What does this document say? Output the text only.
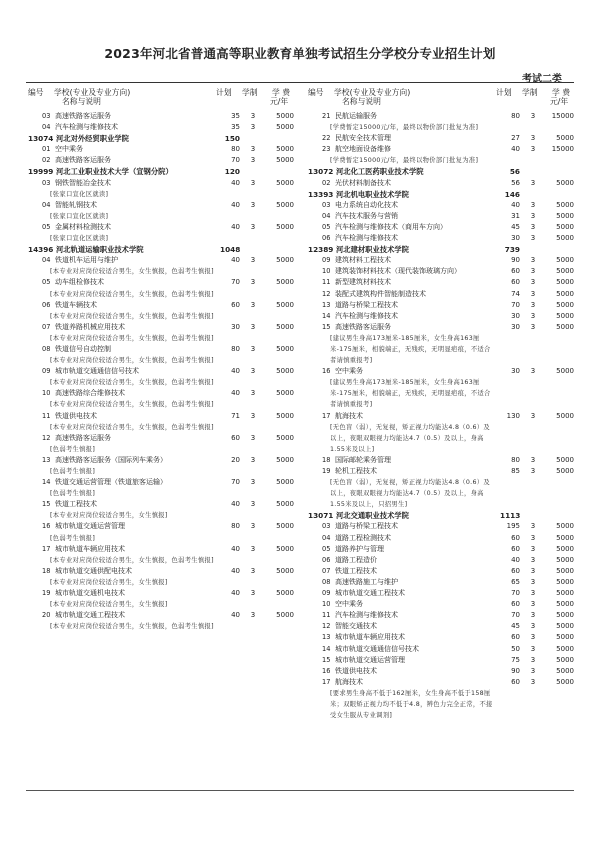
2023年河北省普通高等职业教育单独考试招生分学校分专业招生计划
考试二类
编号 学校(专业及专业方向)
名称与说明
计划 学制 学 费
元/年
03 高速铁路客运服务	35	3	5000
04 汽车检测与维修技术	35	3	5000
13074 河北对外经贸职业学院	150
01 空中乘务	80	3	5000
02 高速铁路客运服务	70	3	5000
19999 河北工业职业技术大学（宣钢分院）	120
03 钢铁智能冶金技术	40	3	5000
[张家口宣化区就读]
04 智能轧钢技术	40	3	5000
[张家口宣化区就读]
05 金属材料检测技术	40	3	5000
[张家口宣化区就读]
14396 河北轨道运输职业技术学院	1048
04 铁道机车运用与维护	40	3	5000
[本专业对应岗位较适合男生，女生慎报，色弱考生慎报]
05 动车组检修技术	70	3	5000
[本专业对应岗位较适合男生，女生慎报，色弱考生慎报]
06 铁道车辆技术	60	3	5000
[本专业对应岗位较适合男生，女生慎报，色弱考生慎报]
07 铁道养路机械应用技术	30	3	5000
[本专业对应岗位较适合男生，女生慎报，色弱考生慎报]
08 铁道信号自动控制	80	3	5000
[本专业对应岗位较适合男生，女生慎报，色弱考生慎报]
09 城市轨道交通通信信号技术	40	3	5000
[本专业对应岗位较适合男生，女生慎报，色弱考生慎报]
10 高速铁路综合维修技术	40	3	5000
[本专业对应岗位较适合男生，女生慎报，色弱考生慎报]
11 铁道供电技术	71	3	5000
[本专业对应岗位较适合男生，女生慎报，色弱考生慎报]
12 高速铁路客运服务	60	3	5000
[色弱考生慎报]
13 高速铁路客运服务（国际列车乘务）	20	3	5000
[色弱考生慎报]
14 铁道交通运营管理（铁道旅客运输）	70	3	5000
[色弱考生慎报]
15 铁道工程技术	40	3	5000
[本专业对应岗位较适合男生，女生慎报]
16 城市轨道交通运营管理	80	3	5000
[色弱考生慎报]
17 城市轨道车辆应用技术	40	3	5000
[本专业对应岗位较适合男生，女生慎报，色弱考生慎报]
18 城市轨道交通供配电技术	40	3	5000
[本专业对应岗位较适合男生，女生慎报]
19 城市轨道交通机电技术	40	3	5000
[本专业对应岗位较适合男生，女生慎报]
20 城市轨道交通工程技术	40	3	5000
[本专业对应岗位较适合男生，女生慎报，色弱考生慎报]
编号 学校(专业及专业方向)
名称与说明
计划 学制 学 费
元/年
21 民航运输服务	80	3	15000
[学费暂定15000元/年，最终以物价部门批复为准]
22 民航安全技术管理	27	3	5000
23 航空地面设备维修	40	3	15000
[学费暂定15000元/年，最终以物价部门批复为准]
13072 河北化工医药职业技术学院	56
02 光伏材料制备技术	56	3	5000
13393 河北机电职业技术学院	146
03 电力系统自动化技术	40	3	5000
04 汽车技术服务与营销	31	3	5000
05 汽车检测与维修技术（商用车方向）	45	3	5000
06 汽车检测与维修技术	30	3	5000
12389 河北建材职业技术学院	739
09 建筑材料工程技术	90	3	5000
10 建筑装饰材料技术（现代装饰玻璃方向）	60	3	5000
11 新型建筑材料技术	60	3	5000
12 装配式建筑构件智能制造技术	74	3	5000
13 道路与桥梁工程技术	70	3	5000
14 汽车检测与维修技术	30	3	5000
15 高速铁路客运服务	30	3	5000
[建议男生身高173厘米-185厘米，女生身高163厘米-175厘米，相貌端正，无残疾，无明显疤痕，不适合者请慎重报考]
16 空中乘务	30	3	5000
[建议男生身高173厘米-185厘米，女生身高163厘米-175厘米，相貌端正，无残疾，无明显疤痕，不适合者请慎重报考]
17 航海技术	130	3	5000
[无色盲（弱），无复视，矫正视力均能达4.8（0.6）及以上，夜眼双眼视力均能达4.7（0.5）及以上，身高1.55米及以上]
18 国际邮轮乘务管理	80	3	5000
19 轮机工程技术	85	3	5000
[无色盲（弱），无复视，矫正视力均能达4.8（0.6）及以上，夜眼双眼视力均能达4.7（0.5）及以上，身高1.55米及以上，只招男生]
13071 河北交通职业技术学院	1113
03 道路与桥梁工程技术	195	3	5000
04 道路工程检测技术	60	3	5000
05 道路养护与管理	60	3	5000
06 道路工程造价	40	3	5000
07 铁道工程技术	60	3	5000
08 高速铁路施工与维护	65	3	5000
09 城市轨道交通工程技术	70	3	5000
10 空中乘务	60	3	5000
11 汽车检测与维修技术	70	3	5000
12 智能交通技术	45	3	5000
13 城市轨道车辆应用技术	60	3	5000
14 城市轨道交通通信信号技术	50	3	5000
15 城市轨道交通运营管理	75	3	5000
16 铁道供电技术	90	3	5000
17 航海技术	60	3	5000
[要求男生身高不低于162厘米，女生身高不低于158厘米；双眼矫正视力均不低于4.8，辨色力完全正常，不接受女生服从专业调剂]
